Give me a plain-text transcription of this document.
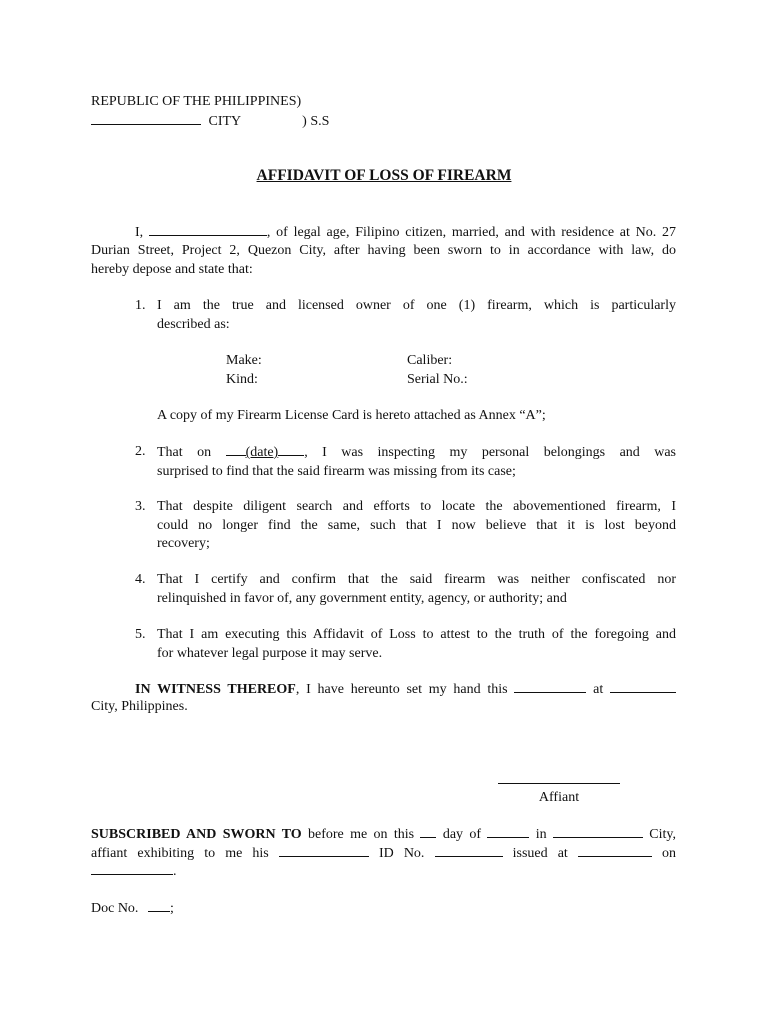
REPUBLIC OF THE PHILIPPINES)
CITY	) S.S
AFFIDAVIT OF LOSS OF FIREARM
I,	, of legal age, Filipino citizen, married, and with residence at No. 27
Durian Street, Project 2, Quezon City, after having been sworn to in accordance with law, do
hereby depose and state that:
1. I am the true and licensed owner of one (1) firearm, which is particularly
described as:
Make:	Caliber:
Kind:	Serial No.:
A copy of my Firearm License Card is hereto attached as Annex “A”;
2. That on (date) , I was inspecting my personal belongings and was
surprised to find that the said firearm was missing from its case;
3. That despite diligent search and efforts to locate the abovementioned firearm, I
could no longer find the same, such that I now believe that it is lost beyond
recovery;
4. That I certify and confirm that the said firearm was neither confiscated nor
relinquished in favor of, any government entity, agency, or authority; and
5. That I am executing this Affidavit of Loss to attest to the truth of the foregoing and
for whatever legal purpose it may serve.
IN WITNESS THEREOF, I have hereunto set my hand this	at
City, Philippines.
Affiant
SUBSCRIBED AND SWORN TO before me on this day of	in	City,
affiant exhibiting to me his	ID No.	issued at	on
.
Doc No. ;
